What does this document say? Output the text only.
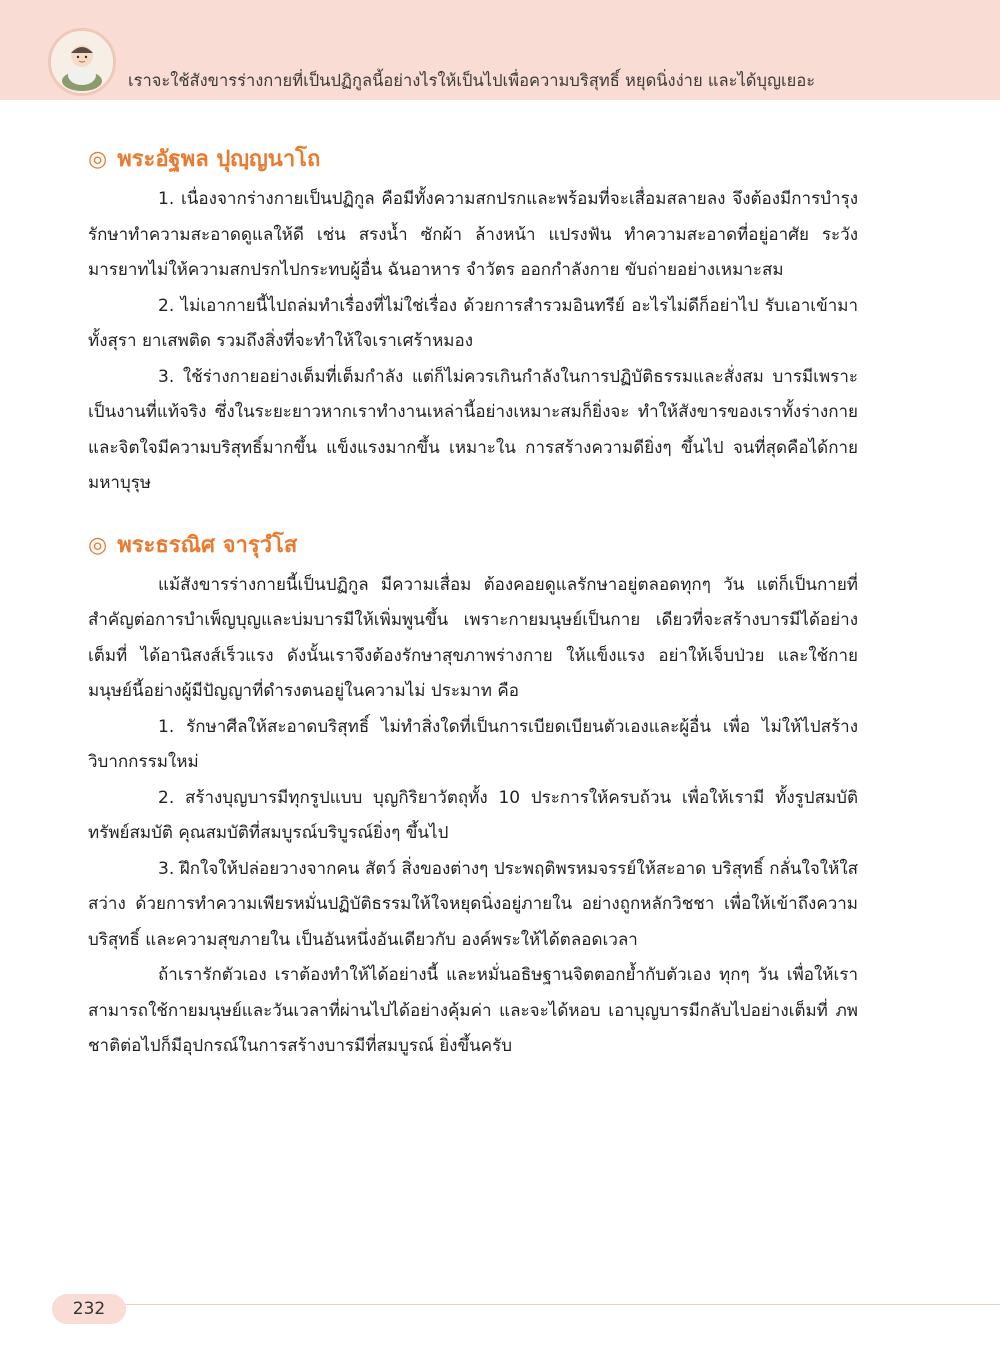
เราจะใช้สังขารร่างกายที่เป็นปฏิกูลนี้อย่างไรให้เป็นไปเพื่อความบริสุทธิ์ หยุดนิ่งง่าย และได้บุญเยอะ
◎ พระอัฐพล ปุญฺญนาโถ

1. เนื่องจากร่างกายเป็นปฏิกูล คือมีทั้งความสกปรกและพร้อมที่จะเสื่อมสลายลง จึงต้องมีการบำรุงรักษาทำความสะอาดดูแลให้ดี เช่น สรงน้ำ ซักผ้า ล้างหน้า แปรงฟัน ทำความสะอาดที่อยู่อาศัย ระวังมารยาทไม่ให้ความสกปรกไปกระทบผู้อื่น ฉันอาหาร จำวัตร ออกกำลังกาย ขับถ่ายอย่างเหมาะสม

2. ไม่เอากายนี้ไปถล่มทำเรื่องที่ไม่ใช่เรื่อง ด้วยการสำรวมอินทรีย์ อะไรไม่ดีก็อย่าไป รับเอาเข้ามา ทั้งสุรา ยาเสพติด รวมถึงสิ่งที่จะทำให้ใจเราเศร้าหมอง

3. ใช้ร่างกายอย่างเต็มที่เต็มกำลัง แต่ก็ไม่ควรเกินกำลังในการปฏิบัติธรรมและสั่งสม บารมีเพราะเป็นงานที่แท้จริง ซึ่งในระยะยาวหากเราทำงานเหล่านี้อย่างเหมาะสมก็ยิ่งจะ ทำให้สังขารของเราทั้งร่างกายและจิตใจมีความบริสุทธิ์มากขึ้น แข็งแรงมากขึ้น เหมาะใน การสร้างความดียิ่งๆ ขึ้นไป จนที่สุดคือได้กายมหาบุรุษ

◎ พระธรณิศ จารุวํโส

แม้สังขารร่างกายนี้เป็นปฏิกูล มีความเสื่อม ต้องคอยดูแลรักษาอยู่ตลอดทุกๆ วัน แต่ก็เป็นกายที่สำคัญต่อการบำเพ็ญบุญและบ่มบารมีให้เพิ่มพูนขึ้น เพราะกายมนุษย์เป็นกาย เดียวที่จะสร้างบารมีได้อย่างเต็มที่ ได้อานิสงส์เร็วแรง ดังนั้นเราจึงต้องรักษาสุขภาพร่างกาย ให้แข็งแรง อย่าให้เจ็บป่วย และใช้กายมนุษย์นี้อย่างผู้มีปัญญาที่ดำรงตนอยู่ในความไม่ ประมาท คือ

1. รักษาศีลให้สะอาดบริสุทธิ์ ไม่ทำสิ่งใดที่เป็นการเบียดเบียนตัวเองและผู้อื่น เพื่อ ไม่ให้ไปสร้างวิบากกรรมใหม่

2. สร้างบุญบารมีทุกรูปแบบ บุญกิริยาวัตถุทั้ง 10 ประการให้ครบถ้วน เพื่อให้เรามี ทั้งรูปสมบัติ ทรัพย์สมบัติ คุณสมบัติที่สมบูรณ์บริบูรณ์ยิ่งๆ ขึ้นไป

3. ฝึกใจให้ปล่อยวางจากคน สัตว์ สิ่งของต่างๆ ประพฤติพรหมจรรย์ให้สะอาด บริสุทธิ์ กลั่นใจให้ใสสว่าง ด้วยการทำความเพียรหมั่นปฏิบัติธรรมให้ใจหยุดนิ่งอยู่ภายใน อย่างถูกหลักวิชชา เพื่อให้เข้าถึงความบริสุทธิ์ และความสุขภายใน เป็นอันหนึ่งอันเดียวกับ องค์พระให้ได้ตลอดเวลา

ถ้าเรารักตัวเอง เราต้องทำให้ได้อย่างนี้ และหมั่นอธิษฐานจิตตอกย้ำกับตัวเอง ทุกๆ วัน เพื่อให้เราสามารถใช้กายมนุษย์และวันเวลาที่ผ่านไปได้อย่างคุ้มค่า และจะได้หอบ เอาบุญบารมีกลับไปอย่างเต็มที่ ภพชาติต่อไปก็มีอุปกรณ์ในการสร้างบารมีที่สมบูรณ์ ยิ่งขึ้นครับ

232
